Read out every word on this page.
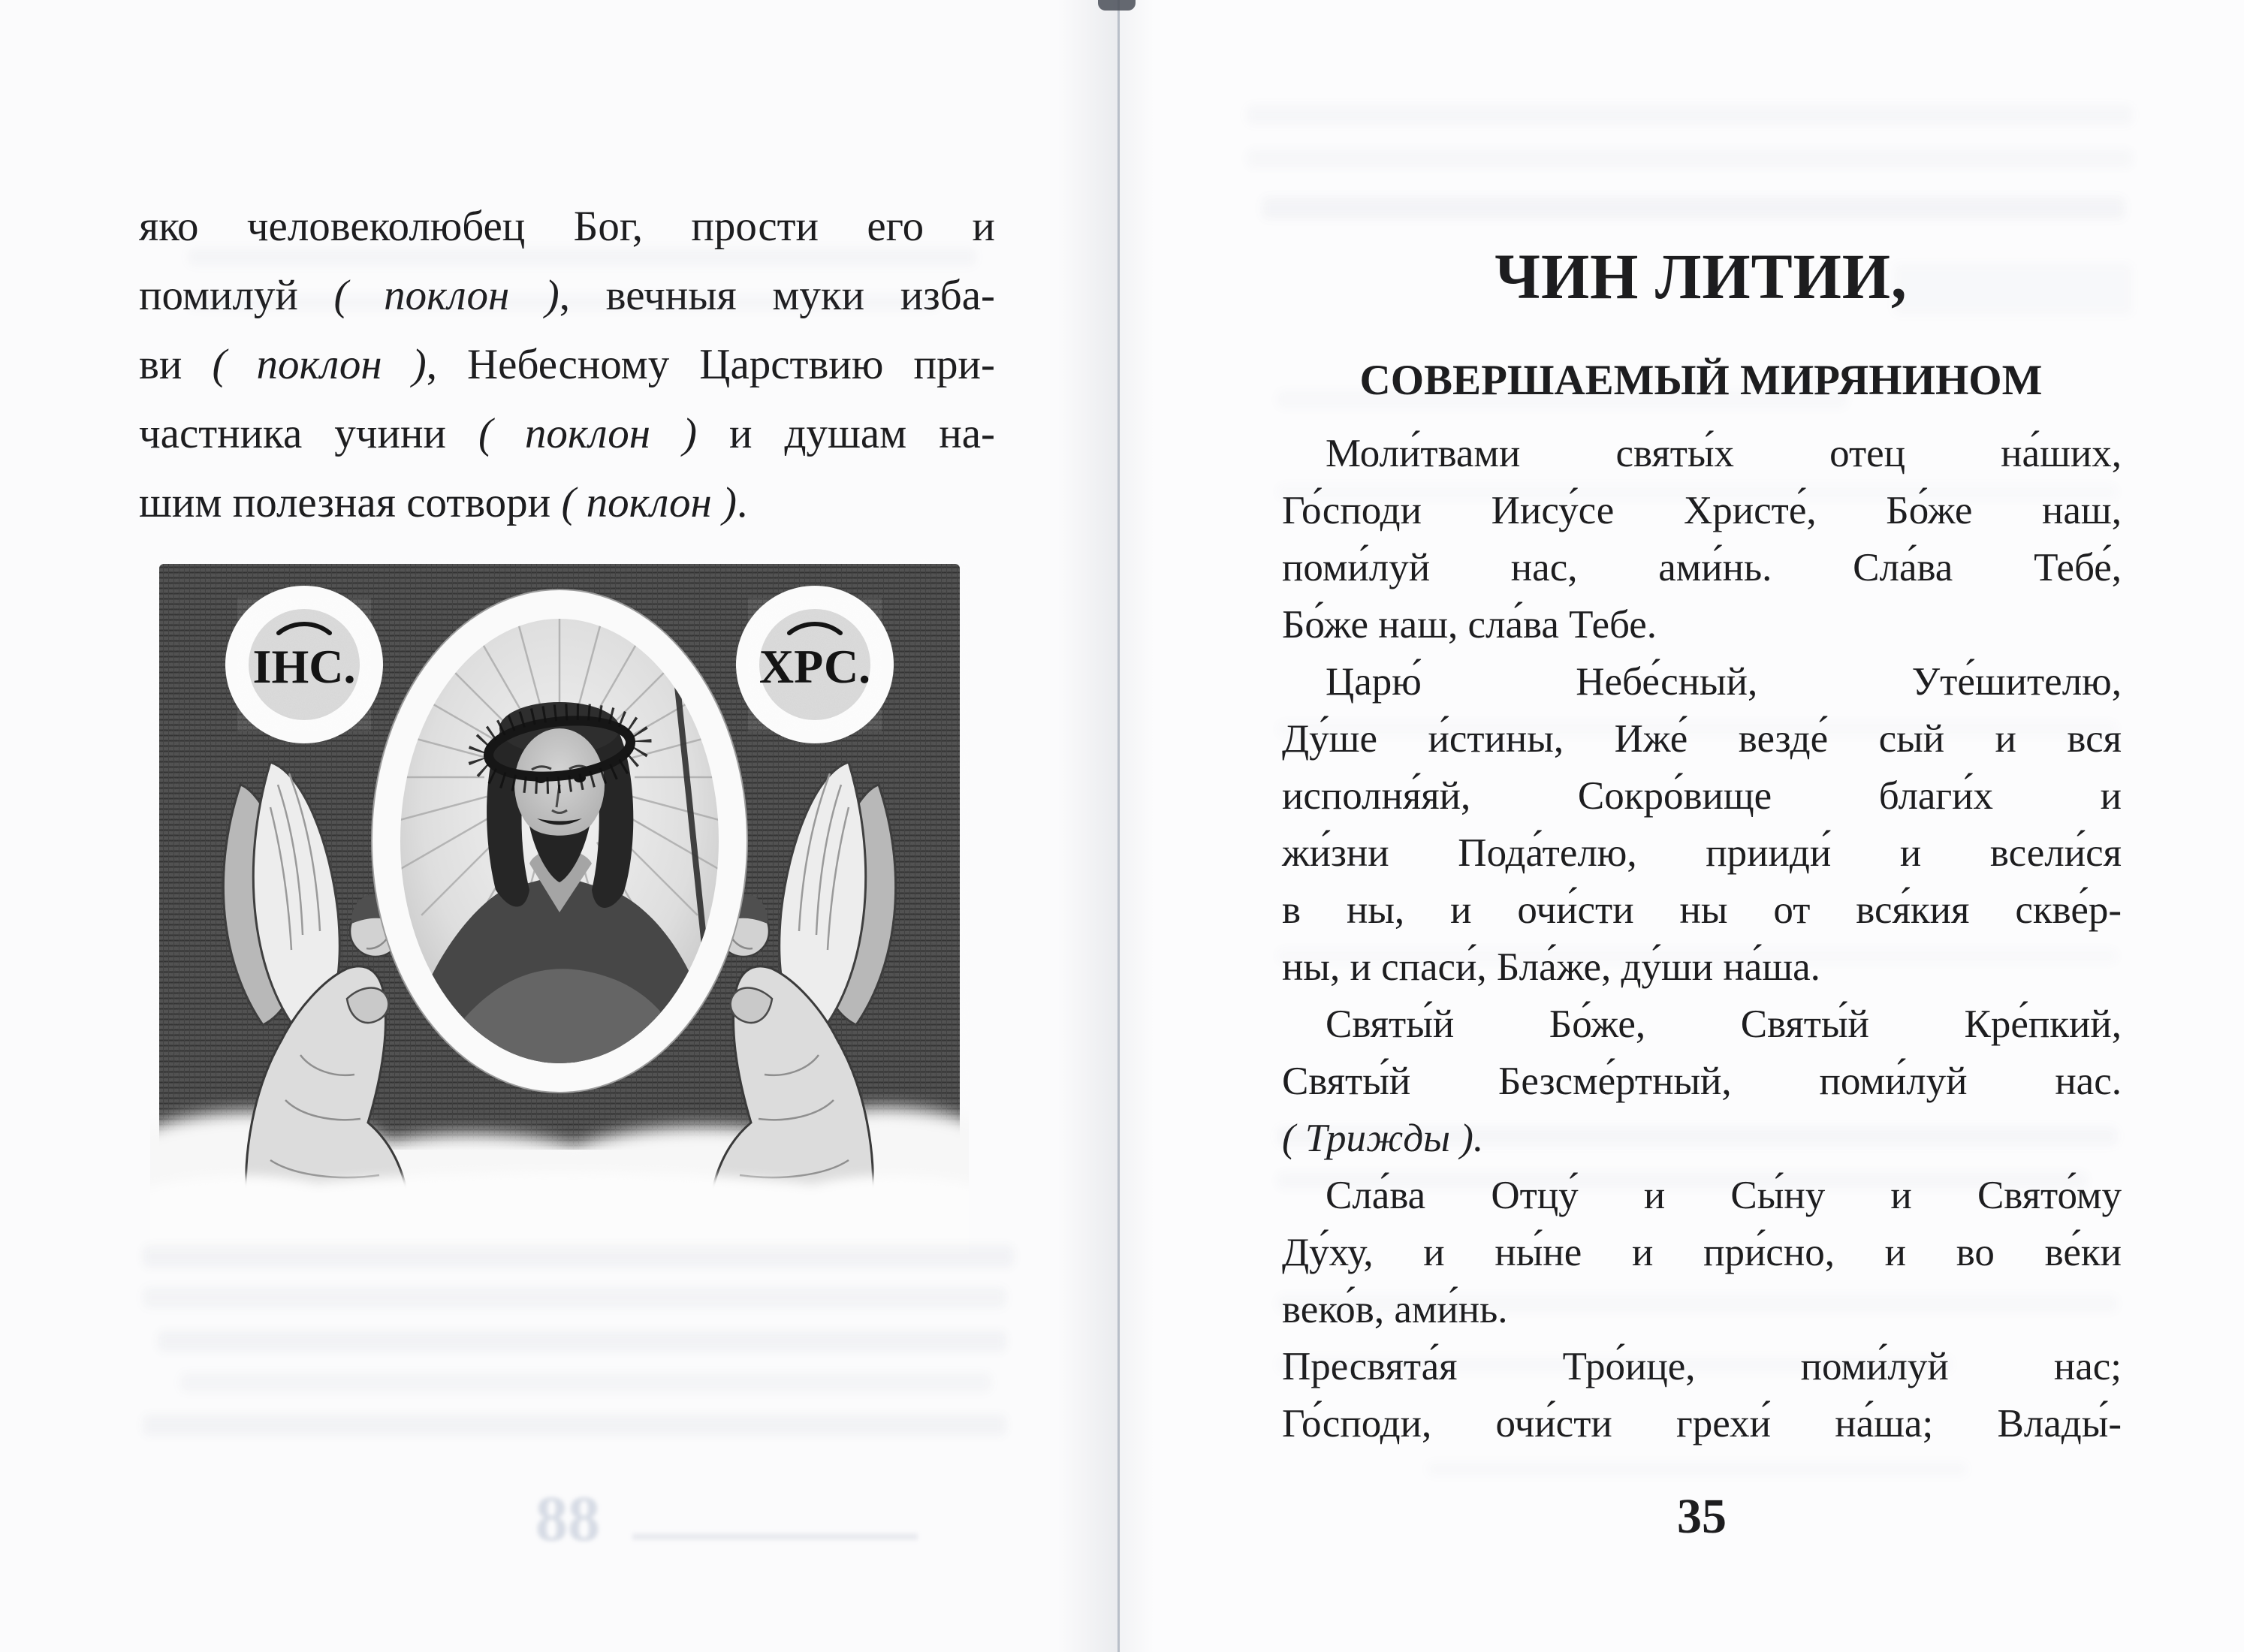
яко человеколюбец Бог, прости его и
помилуй ( поклон ), вечныя муки изба-
ви ( поклон ), Небесному Царствию при-
частника учини ( поклон ) и душам на-
шим полезная сотвори ( поклон ).
ІНС.	ХРС.
88
ЧИН ЛИТИИ,
СОВЕРШАЕМЫЙ МИРЯНИНОМ
Моли́твами святы́х отец на́ших,
Го́споди Иису́се Христе́, Бо́же наш,
поми́луй нас, ами́нь. Сла́ва Тебе́,
Бо́же наш, сла́ва Тебе.
Царю́ Небе́сный, Уте́шителю,
Ду́ше и́стины, Иже́ везде́ сый и вся
исполня́яй, Сокро́вище благи́х и
жи́зни Пода́телю, прииди́ и всели́ся
в ны, и очи́сти ны от вся́кия скве́р-
ны, и спаси́, Бла́же, ду́ши на́ша.
Святы́й Бо́же, Святы́й Кре́пкий,
Святы́й Безсме́ртный, поми́луй нас.
( Трижды ).
Сла́ва Отцу́ и Сы́ну и Свято́му
Ду́ху, и ны́не и при́сно, и во ве́ки
веко́в, ами́нь.
Пресвята́я Тро́ице, поми́луй нас;
Го́споди, очи́сти грехи́ на́ша; Влады́-
35
